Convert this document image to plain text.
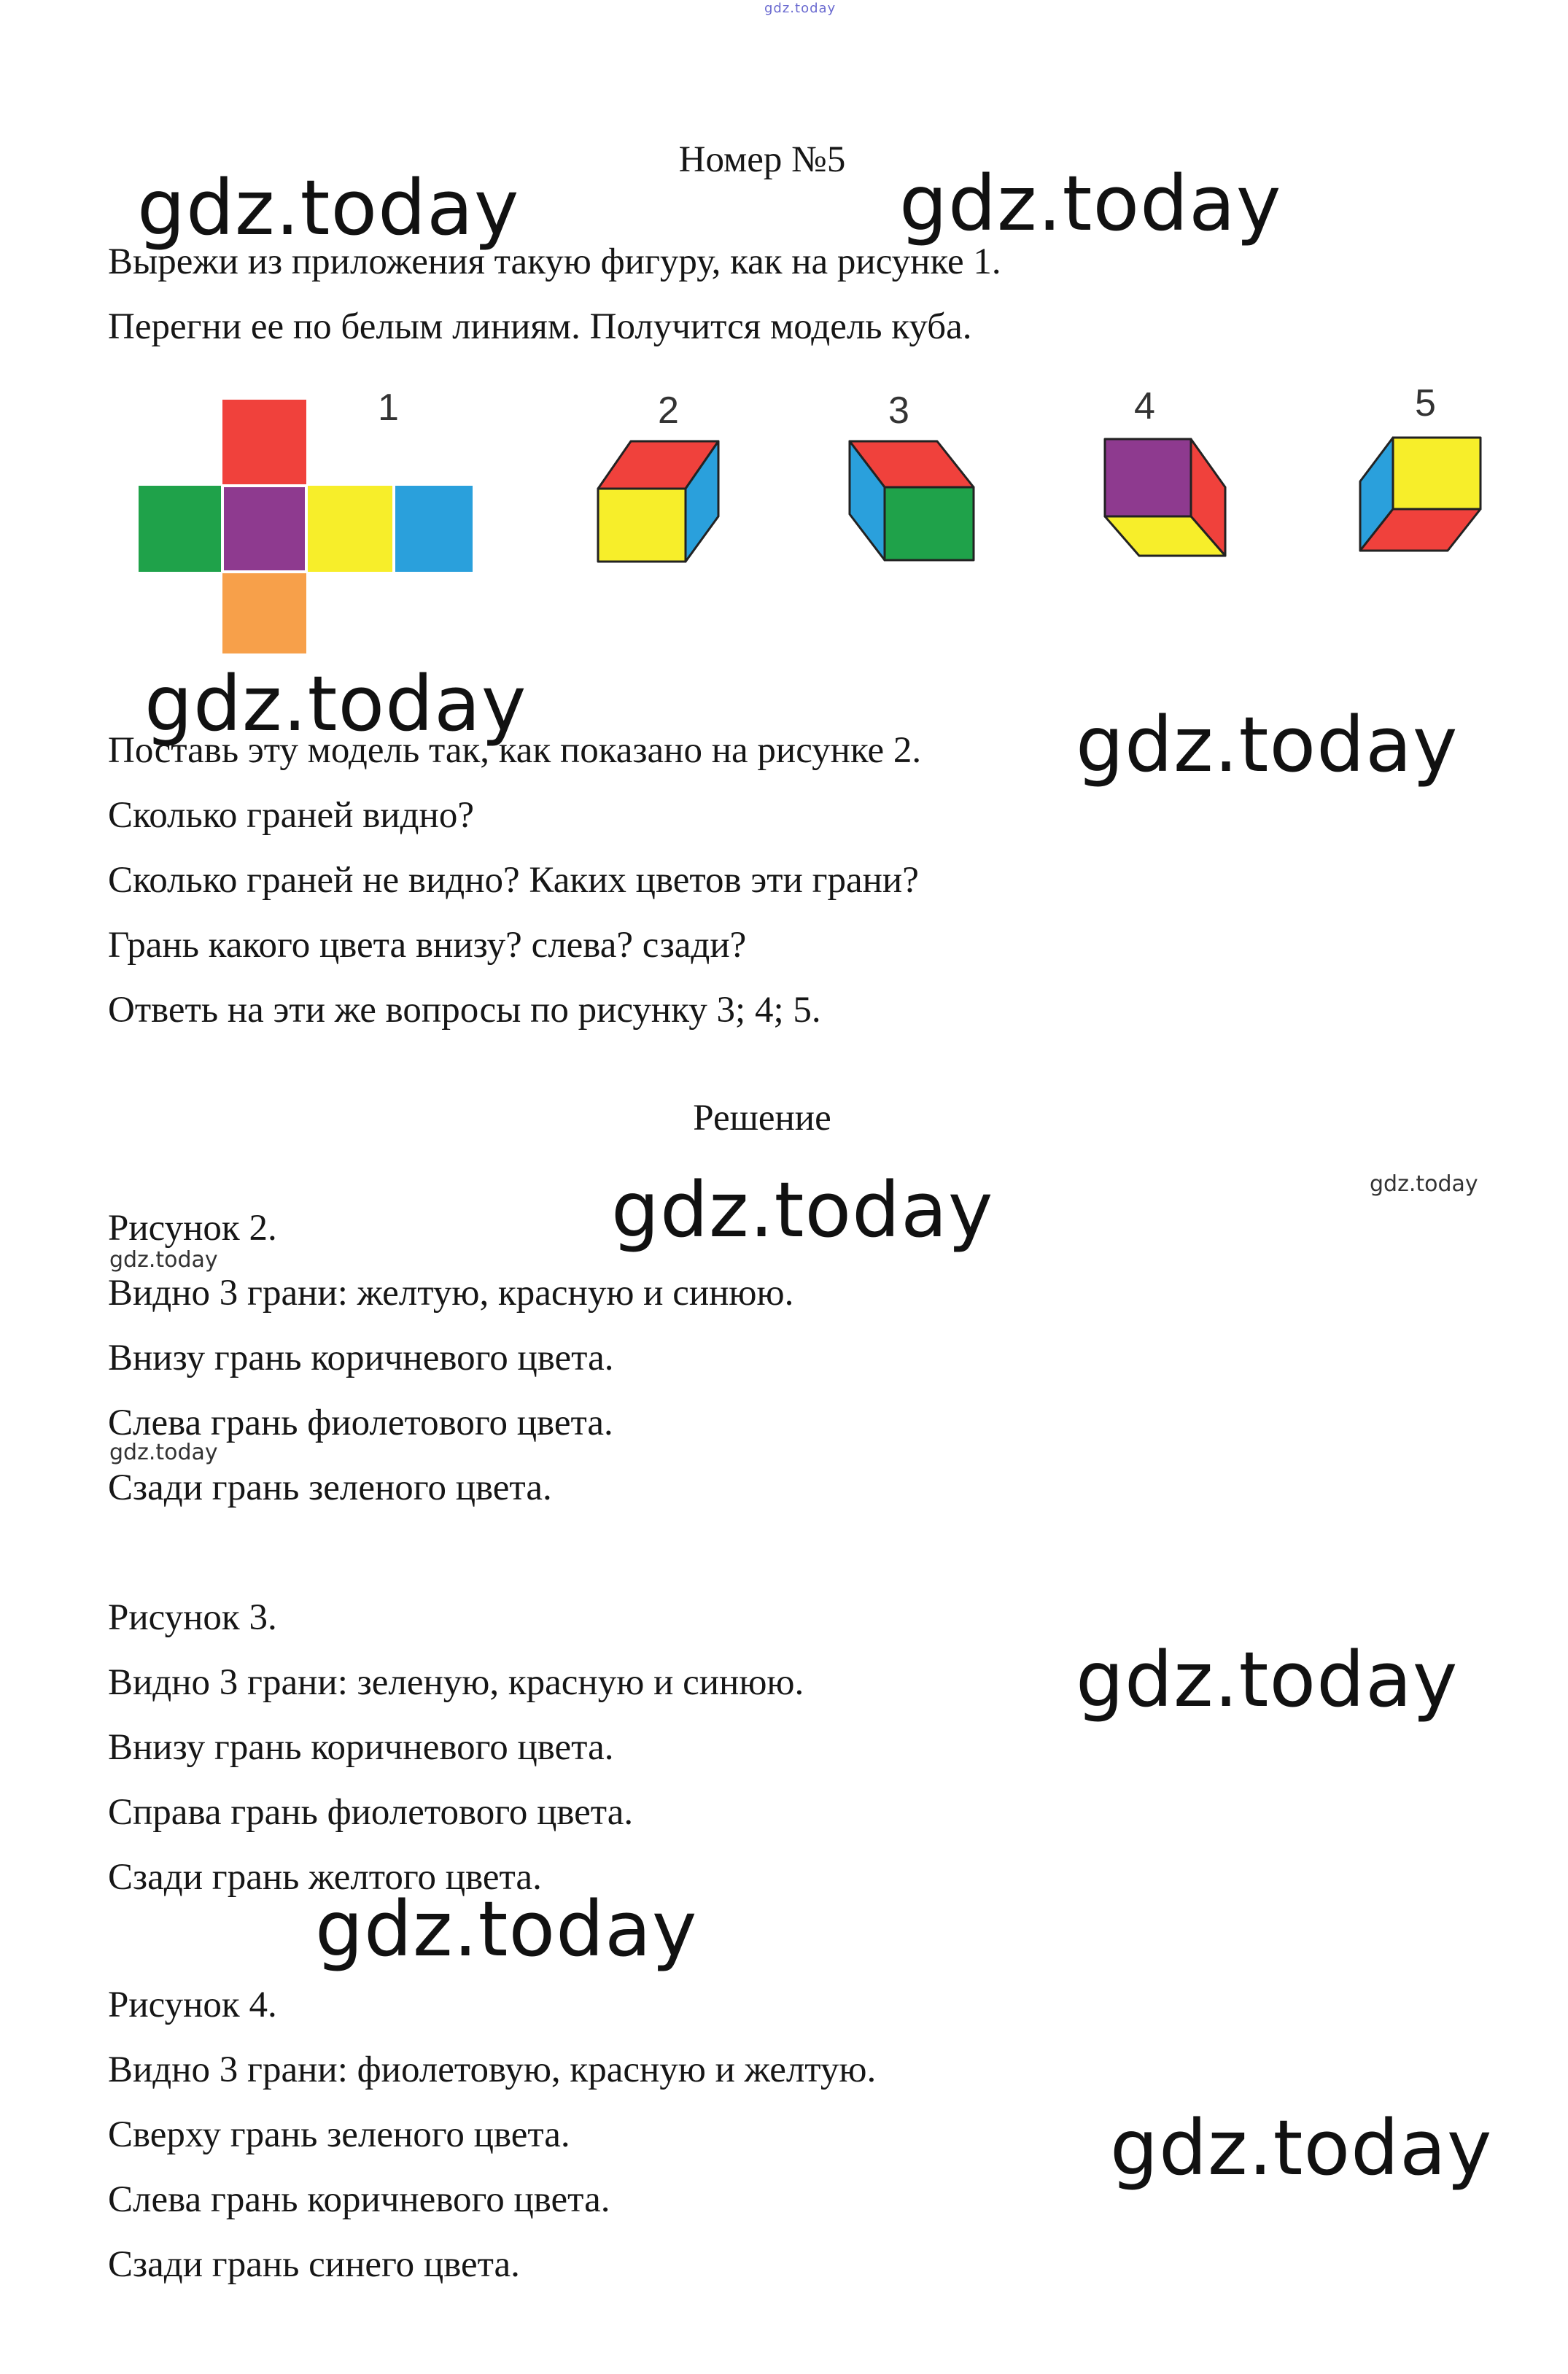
gdz.today
Номер №5
gdz.today	gdz.today
Вырежи из приложения такую фигуру, как на рисунке 1.
Перегни ее по белым линиям. Получится модель куба.
1	2	3	4	5
gdz.today	gdz.today
Поставь эту модель так, как показано на рисунке 2.
Сколько граней видно?
Сколько граней не видно? Каких цветов эти грани?
Грань какого цвета внизу? слева? сзади?
Ответь на эти же вопросы по рисунку 3; 4; 5.
Решение
gdz.today	gdz.today
Рисунок 2.
gdz.today
Видно 3 грани: желтую, красную и синюю.
Внизу грань коричневого цвета.
Слева грань фиолетового цвета.
gdz.today
Сзади грань зеленого цвета.
Рисунок 3.
Видно 3 грани: зеленую, красную и синюю.	gdz.today
Внизу грань коричневого цвета.
Справа грань фиолетового цвета.
Сзади грань желтого цвета.
gdz.today
Рисунок 4.
Видно 3 грани: фиолетовую, красную и желтую.
Сверху грань зеленого цвета.	gdz.today
Слева грань коричневого цвета.
Сзади грань синего цвета.
